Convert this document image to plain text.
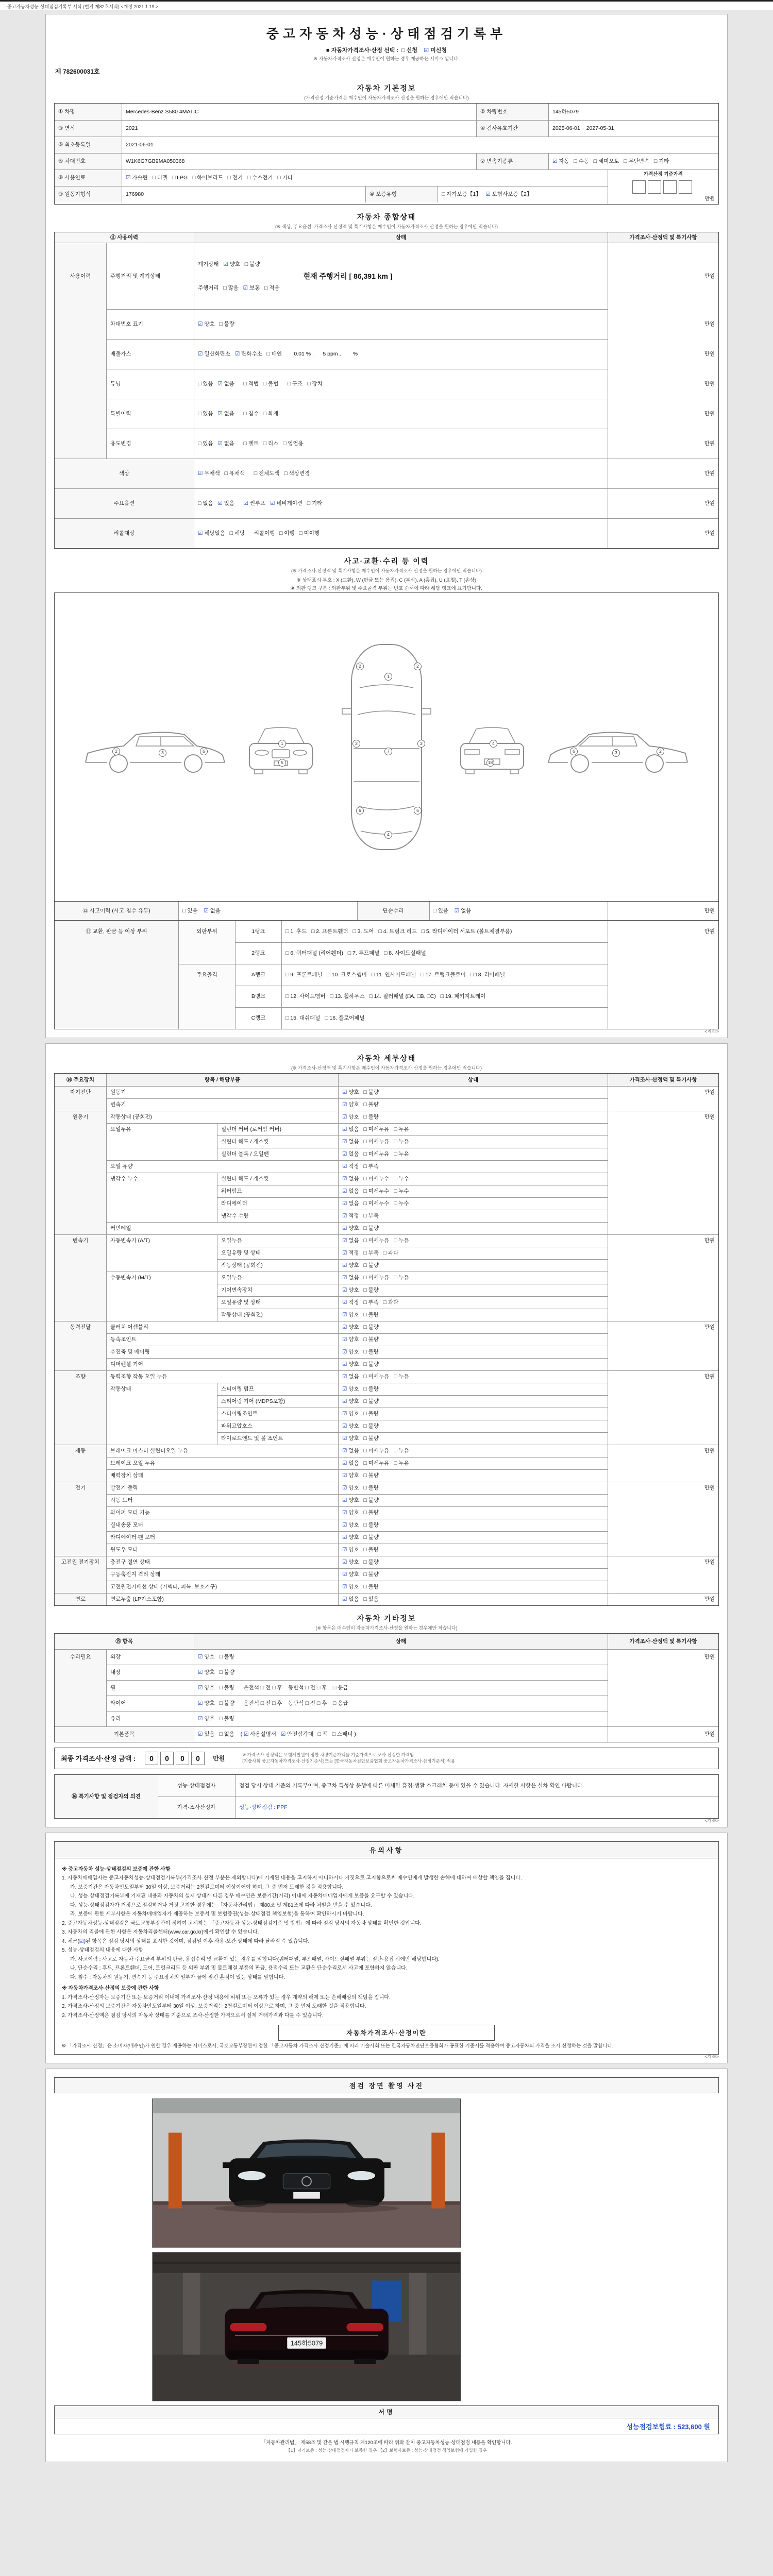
중고자동차성능·상태점검기록부 서식 (별지 제82호서식) <개정 2021.1.19.>
중고자동차성능·상태점검기록부
■ 자동차가격조사·산정 선택 :  □ 신청    ☑ 미신청
※ 자동차가격조사·산정은 매수인이 원하는 경우 제공하는 서비스 입니다.
제 782600031호
자동차 기본정보
(가격산정 기준가격은 매수인이 자동차가격조사·산정을 원하는 경우에만 적습니다)
① 차명	Mercedes-Benz S580 4MATIC	② 차량번호	145하5079
③ 연식	2021	④ 검사유효기간	2025-06-01 ~ 2027-05-31
⑤ 최초등록일	2021-06-01
⑥ 차대번호	W1K6G7GB9MA050368	⑦ 변속기종류	☑ 자동   □ 수동   □ 세미오토   □ 무단변속   □ 기타
⑧ 사용연료	☑ 가솔린   □ 디젤   □ LPG   □ 하이브리드   □ 전기   □ 수소전기   □ 기타
⑨ 원동기형식	176980	⑩ 보증유형	□ 자가보증【1】 ☑ 보험사보증【2】
가격산정 기준가격
만원
자동차 종합상태
(※ 색상, 주요옵션, 가격조사·산정액 및 특기사항은 매수인이 자동차가격조사·산정을 원하는 경우에만 적습니다)
⑪ 사용이력	상태	가격조사·산정액 및 특기사항
사용이력	주행거리 및 계기상태

계기상태   ☑ 양호   □ 불량

주행거리   □ 많음   ☑ 보통   □ 적음

현재 주행거리 [ 86,391 km ]	만원
차대번호 표기	☑ 양호   □ 불량	만원
배출가스	☑ 일산화탄소 ☑ 탄화수소   □ 매연        0.01 % ,      5 ppm ,        %	만원
튜닝	□ 있음 ☑ 없음      □ 적법   □ 불법      □ 구조   □ 장치	만원
특별이력	□ 있음 ☑ 없음      □ 침수   □ 화재	만원
용도변경	□ 있음 ☑ 없음      □ 렌트   □ 리스   □ 영업용	만원
색상	☑ 무채색   □ 유채색      □ 전체도색   □ 색상변경	만원
주요옵션	□ 없음 ☑ 있음 ☑ 썬루프 ☑ 네비게이션   □ 기타	만원
리콜대상	☑ 해당없음   □ 해당      리콜이행   □ 이행   □ 미이행	만원
사고·교환·수리 등 이력
(※ 가격조사·산정액 및 특기사항은 매수인이 자동차가격조사·산정을 원하는 경우에만 적습니다)
※ 상태표시 부호 : X (교환), W (판금 또는 용접), C (부식), A (흠집), U (요철), T (손상)
※ 외판 랭크 구분 : 외판부위 및 주요골격 부위는 번호 순서에 따라 해당 랭크에 표기합니다.
1
2	2
3	3
7
6	6
4
2	3	6
1
5
4
18
6	3	2
⑫ 사고이력 (사고·침수 유무)	□ 있음 ☑ 없음	단순수리	□ 있음 ☑ 없음	만원
⑬ 교환, 판금 등 이상 부위	외판부위	1랭크	□ 1. 후드   □ 2. 프론트휀더   □ 3. 도어   □ 4. 트렁크 리드   □ 5. 라디에이터 서포트 (볼트체결부품)	만원
2랭크	□ 6. 쿼터패널 (리어휀더)   □ 7. 루프패널   □ 8. 사이드실패널
주요골격	A랭크	□ 9. 프론트패널   □ 10. 크로스멤버   □ 11. 인사이드패널   □ 17. 트렁크플로어   □ 18. 리어패널
B랭크	□ 12. 사이드멤버   □ 13. 휠하우스   □ 14. 필러패널 (□A, □B, □C)   □ 19. 패키지트레이
C랭크	□ 15. 대쉬패널   □ 16. 플로어패널
<계속>
자동차 세부상태
(※ 가격조사·산정액 및 특기사항은 매수인이 자동차가격조사·산정을 원하는 경우에만 적습니다)
⑭ 주요장치	항목 / 해당부품	상태	가격조사·산정액 및 특기사항
자기진단	원동기	☑ 양호   □ 불량	만원
변속기	☑ 양호   □ 불량
원동기	작동상태 (공회전)	☑ 양호   □ 불량	만원
오일누유	실린더 커버 (로커암 커버)	☑ 없음   □ 미세누유   □ 누유
실린더 헤드 / 개스킷	☑ 없음   □ 미세누유   □ 누유
실린더 블록 / 오일팬	☑ 없음   □ 미세누유   □ 누유
오일 유량	☑ 적정   □ 부족
냉각수 누수	실린더 헤드 / 개스킷	☑ 없음   □ 미세누수   □ 누수
워터펌프	☑ 없음   □ 미세누수   □ 누수
라디에이터	☑ 없음   □ 미세누수   □ 누수
냉각수 수량	☑ 적정   □ 부족
커먼레일	☑ 양호   □ 불량
변속기	자동변속기 (A/T)	오일누유	☑ 없음   □ 미세누유   □ 누유	만원
오일유량 및 상태	☑ 적정   □ 부족   □ 과다
작동상태 (공회전)	☑ 양호   □ 불량
수동변속기 (M/T)	오일누유	☑ 없음   □ 미세누유   □ 누유
기어변속장치	☑ 양호   □ 불량
오일유량 및 상태	☑ 적정   □ 부족   □ 과다
작동상태 (공회전)	☑ 양호   □ 불량
동력전달	클러치 어셈블리	☑ 양호   □ 불량	만원
등속조인트	☑ 양호   □ 불량
추진축 및 베어링	☑ 양호   □ 불량
디퍼렌셜 기어	☑ 양호   □ 불량
조향	동력조향 작동 오일 누유	☑ 없음   □ 미세누유   □ 누유	만원
작동상태	스티어링 펌프	☑ 양호   □ 불량
스티어링 기어 (MDPS포함)	☑ 양호   □ 불량
스티어링조인트	☑ 양호   □ 불량
파워고압호스	☑ 양호   □ 불량
타이로드엔드 및 볼 조인트	☑ 양호   □ 불량
제동	브레이크 마스터 실린더오일 누유	☑ 없음   □ 미세누유   □ 누유	만원
브레이크 오일 누유	☑ 없음   □ 미세누유   □ 누유
배력장치 상태	☑ 양호   □ 불량
전기	발전기 출력	☑ 양호   □ 불량	만원
시동 모터	☑ 양호   □ 불량
와이퍼 모터 기능	☑ 양호   □ 불량
실내송풍 모터	☑ 양호   □ 불량
라디에이터 팬 모터	☑ 양호   □ 불량
윈도우 모터	☑ 양호   □ 불량
고전원 전기장치	충전구 절연 상태	☑ 양호   □ 불량	만원
구동축전지 격리 상태	☑ 양호   □ 불량
고전원전기배선 상태 (커넥터, 피복, 보호기구)	☑ 양호   □ 불량
연료	연료누출 (LP가스포함)	☑ 없음   □ 있음	만원
자동차 기타정보
(※ 항목은 매수인이 자동차가격조사·산정을 원하는 경우에만 적습니다)
⑮ 항목	상태	가격조사·산정액 및 특기사항
수리필요	외장	☑ 양호   □ 불량	만원
내장	☑ 양호   □ 불량
휠	☑ 양호   □ 불량      운전석 □ 전 □ 후    동반석 □ 전 □ 후    □ 응급
타이어	☑ 양호   □ 불량      운전석 □ 전 □ 후    동반석 □ 전 □ 후    □ 응급
유리	☑ 양호   □ 불량
기본품목	☑ 있음   □ 없음    ( ☑ 사용설명서 ☑ 안전삼각대   □ 잭   □ 스패너 )	만원
최종 가격조사·산정 금액 :	0	0	0	0	만원
※ 가격조사·산정액은 보험개발원이 정한 차량기준가액을 기준가격으로 조사·산정한 가격임
[기술사회 중고자동차가격조사·산정기준서] 또는 [한국자동차진단보증협회 중고자동차가격조사·산정기준서] 적용
⑯ 특기사항 및 점검자의 의견
성능·상태점검자	점검 당시 상태 기준의 기록부이며, 중고차 특성상 운행에 따른 미세한 흠집·생활 스크래치 등이 있을 수 있습니다. 자세한 사항은 실차 확인 바랍니다.
가격·조사산정자	성능·상태점검 : PPF
<계속>
유의사항
※ 중고자동차 성능·상태점검의 보증에 관한 사항
1. 자동차매매업자는 중고자동차성능·상태점검기록부(가격조사·산정 부분은 제외합니다)에 기재된 내용을 고지하지 아니하거나 거짓으로 고지함으로써 매수인에게 발생한 손해에 대하여 배상할 책임을 집니다.
가. 보증기간은 자동차인도일부터 30일 이상, 보증거리는 2천킬로미터 이상이어야 하며, 그 중 먼저 도래한 것을 적용합니다.
나. 성능·상태점검기록부에 기재된 내용과 자동차의 실제 상태가 다른 경우 매수인은 보증기간(거리) 이내에 자동차매매업자에게 보증을 요구할 수 있습니다.
다. 성능·상태점검자가 거짓으로 점검하거나 거짓 고지한 경우에는 「자동차관리법」 제80조 및 제81조에 따라 처벌을 받을 수 있습니다.
라. 보증에 관한 세부사항은 자동차매매업자가 제공하는 보증서 및 보험증권(성능·상태점검 책임보험)을 통하여 확인하시기 바랍니다.
2. 중고자동차성능·상태점검은 국토교통부장관이 정하여 고시하는 「중고자동차 성능·상태점검기준 및 방법」에 따라 점검 당시의 자동차 상태를 확인한 것입니다.
3. 자동차의 리콜에 관한 사항은 자동차리콜센터(www.car.go.kr)에서 확인할 수 있습니다.
4. 체크(☑)된 항목은 점검 당시의 상태를 표시한 것이며, 점검일 이후 사용·보관 상태에 따라 달라질 수 있습니다.
5. 성능·상태점검의 내용에 대한 사항
가. 사고이력 : 사고로 자동차 주요골격 부위의 판금, 용접수리 및 교환이 있는 경우를 말합니다(쿼터패널, 루프패널, 사이드실패널 부위는 절단·용접 시에만 해당합니다).
나. 단순수리 : 후드, 프론트휀더, 도어, 트렁크리드 등 외판 부위 및 볼트체결 부품의 판금, 용접수리 또는 교환은 단순수리로서 사고에 포함하지 않습니다.
다. 침수 : 자동차의 원동기, 변속기 등 주요장치의 일부가 물에 잠긴 흔적이 있는 상태를 말합니다.
※ 자동차가격조사·산정의 보증에 관한 사항
1. 가격조사·산정자는 보증기간 또는 보증거리 이내에 가격조사·산정 내용에 허위 또는 오류가 있는 경우 계약의 해제 또는 손해배상의 책임을 집니다.
2. 가격조사·산정의 보증기간은 자동차인도일부터 30일 이상, 보증거리는 2천킬로미터 이상으로 하며, 그 중 먼저 도래한 것을 적용합니다.
3. 가격조사·산정액은 점검 당시의 자동차 상태를 기준으로 조사·산정한 가격으로서 실제 거래가격과 다를 수 있습니다.
자동차가격조사·산정이란
※ 「가격조사·산정」은 소비자(매수인)가 원할 경우 제공하는 서비스로서, 국토교통부장관이 정한 「중고자동차 가격조사·산정기준」에 따라 기술사회 또는 한국자동차진단보증협회가 공표한 기준서를 적용하여 중고자동차의 가격을 조사·산정하는 것을 말합니다.
<계속>
점검 장면 촬영 사진
145하5079
서명
성능점검보험료 : 523,600 원
「자동차관리법」 제58조 및 같은 법 시행규칙 제120조에 따라 위와 같이 중고자동차성능·상태점검 내용을 확인합니다.
【1】자가보증 : 성능·상태점검자가 보증한 경우 【2】보험사보증 : 성능·상태점검 책임보험에 가입한 경우
